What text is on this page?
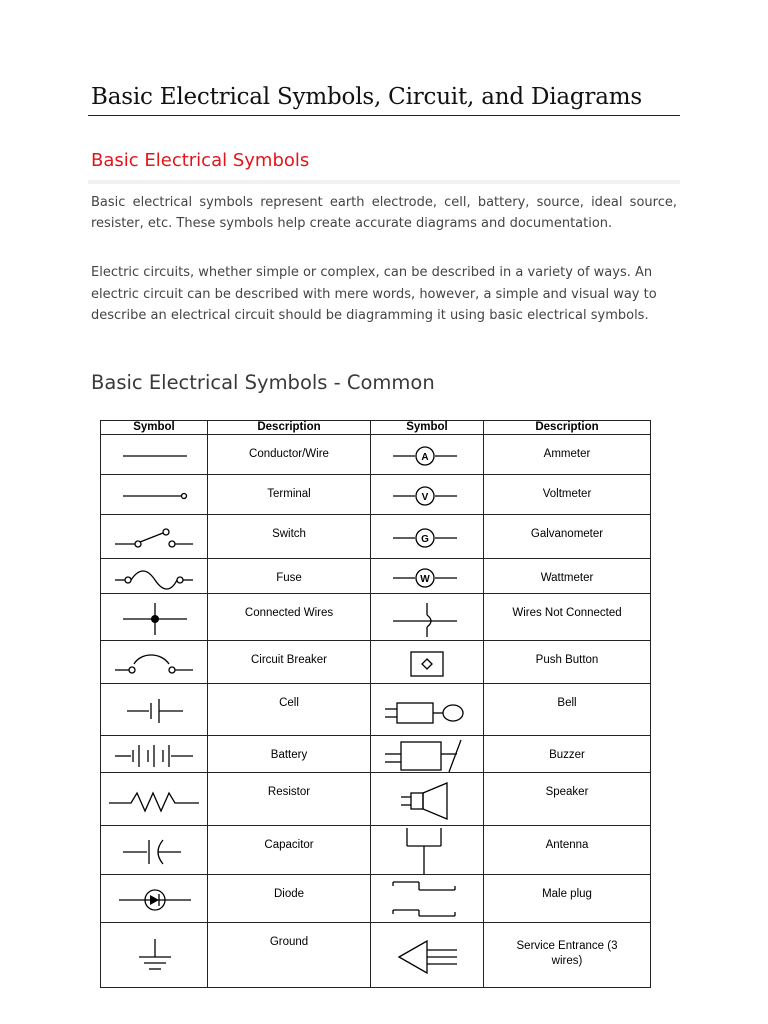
Basic Electrical Symbols, Circuit, and Diagrams
Basic Electrical Symbols

Basic electrical symbols represent earth electrode, cell, battery, source, ideal source, resister, etc. These symbols help create accurate diagrams and documentation.

Electric circuits, whether simple or complex, can be described in a variety of ways. An electric circuit can be described with mere words, however, a simple and visual way to describe an electrical circuit should be diagramming it using basic electrical symbols.

Basic Electrical Symbols - Common
Symbol	Description	Symbol	Description

	Conductor/Wire	A	Ammeter

	Terminal	V	Voltmeter

	Switch	G	Galvanometer

	Fuse	W	Wattmeter

	Connected Wires		Wires Not Connected

	Circuit Breaker		Push Button

	Cell		Bell

	Battery		Buzzer

	Resistor		Speaker

	Capacitor		Antenna

	Diode		Male plug

	Ground		Service Entrance (3 wires)
